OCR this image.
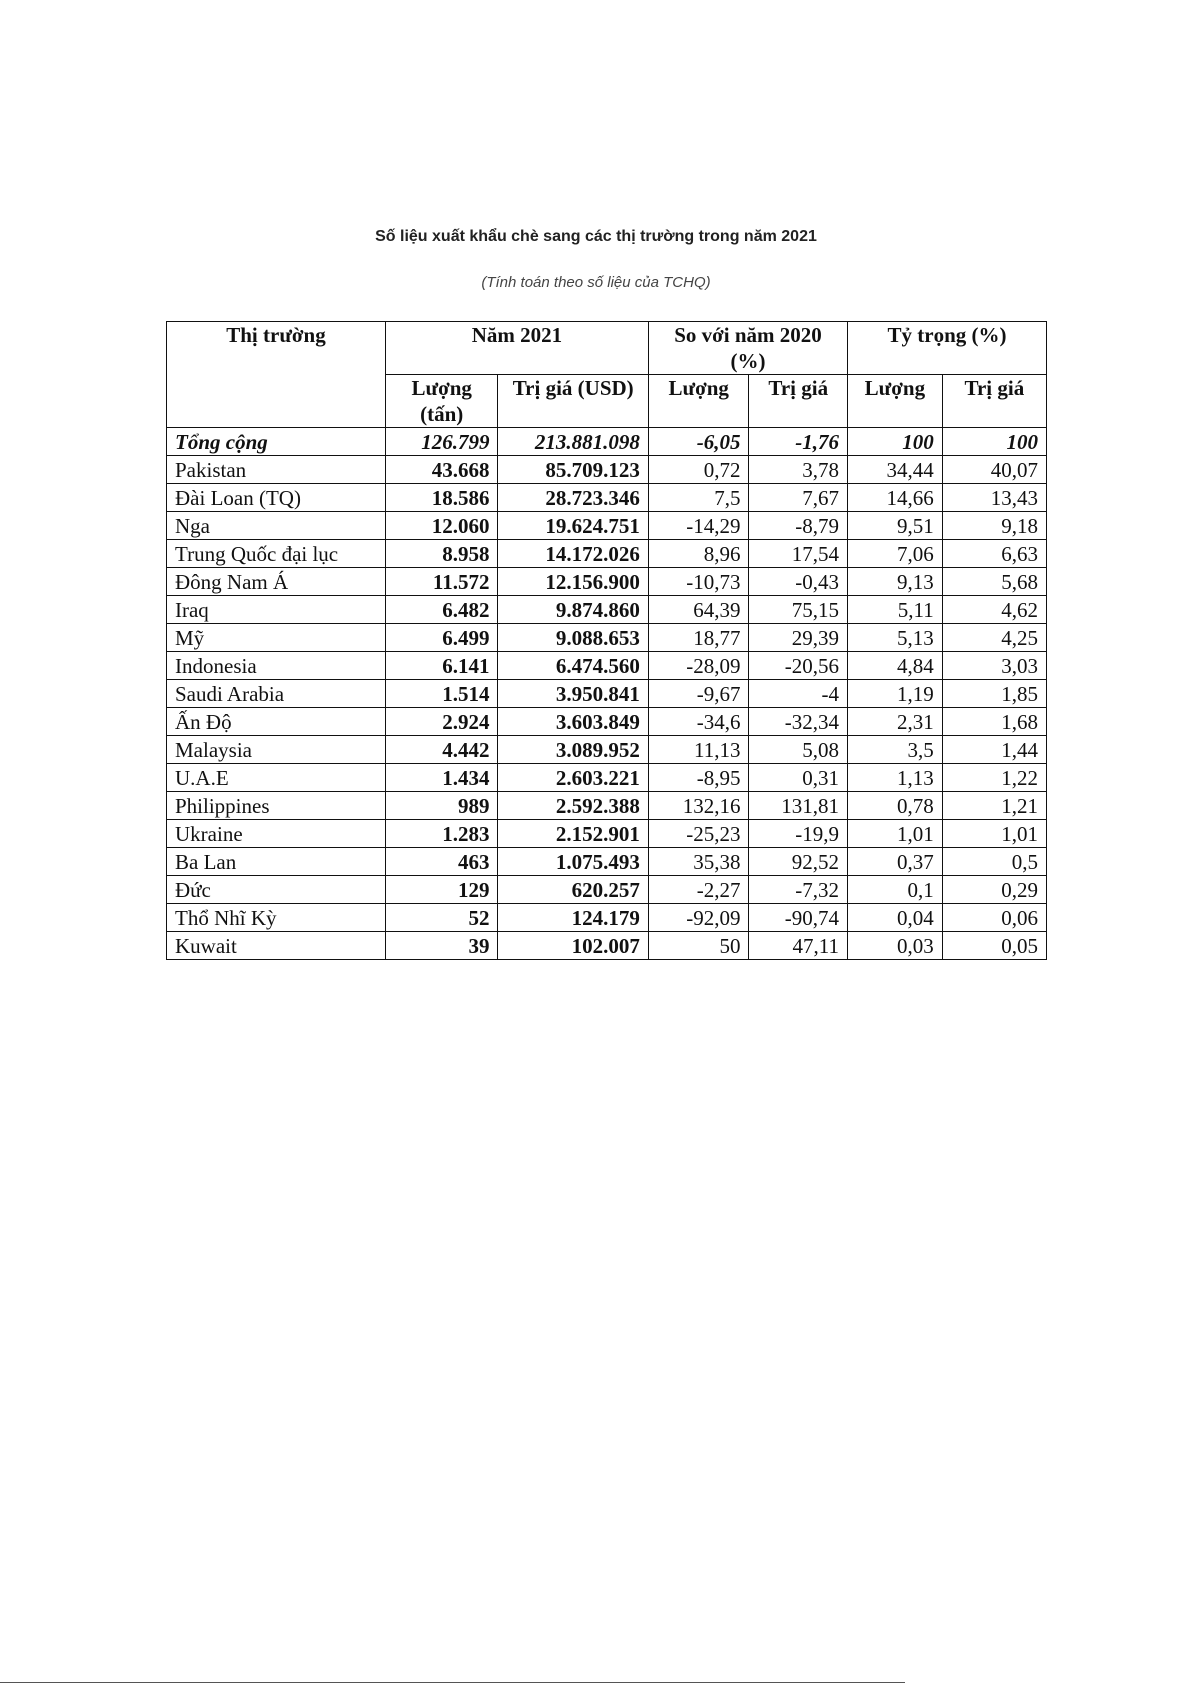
Số liệu xuất khẩu chè sang các thị trường trong năm 2021
(Tính toán theo số liệu của TCHQ)
Thị trường	Năm 2021		So với năm 2020 (%)		Tỷ trọng (%)	
	Lượng (tấn)	Trị giá (USD)	Lượng	Trị giá	Lượng	Trị giá
Tổng cộng	126.799	213.881.098	-6,05	-1,76	100	100
Pakistan	43.668	85.709.123	0,72	3,78	34,44	40,07
Đài Loan (TQ)	18.586	28.723.346	7,5	7,67	14,66	13,43
Nga	12.060	19.624.751	-14,29	-8,79	9,51	9,18
Trung Quốc đại lục	8.958	14.172.026	8,96	17,54	7,06	6,63
Đông Nam Á	11.572	12.156.900	-10,73	-0,43	9,13	5,68
Iraq	6.482	9.874.860	64,39	75,15	5,11	4,62
Mỹ	6.499	9.088.653	18,77	29,39	5,13	4,25
Indonesia	6.141	6.474.560	-28,09	-20,56	4,84	3,03
Saudi Arabia	1.514	3.950.841	-9,67	-4	1,19	1,85
Ấn Độ	2.924	3.603.849	-34,6	-32,34	2,31	1,68
Malaysia	4.442	3.089.952	11,13	5,08	3,5	1,44
U.A.E	1.434	2.603.221	-8,95	0,31	1,13	1,22
Philippines	989	2.592.388	132,16	131,81	0,78	1,21
Ukraine	1.283	2.152.901	-25,23	-19,9	1,01	1,01
Ba Lan	463	1.075.493	35,38	92,52	0,37	0,5
Đức	129	620.257	-2,27	-7,32	0,1	0,29
Thổ Nhĩ Kỳ	52	124.179	-92,09	-90,74	0,04	0,06
Kuwait	39	102.007	50	47,11	0,03	0,05
